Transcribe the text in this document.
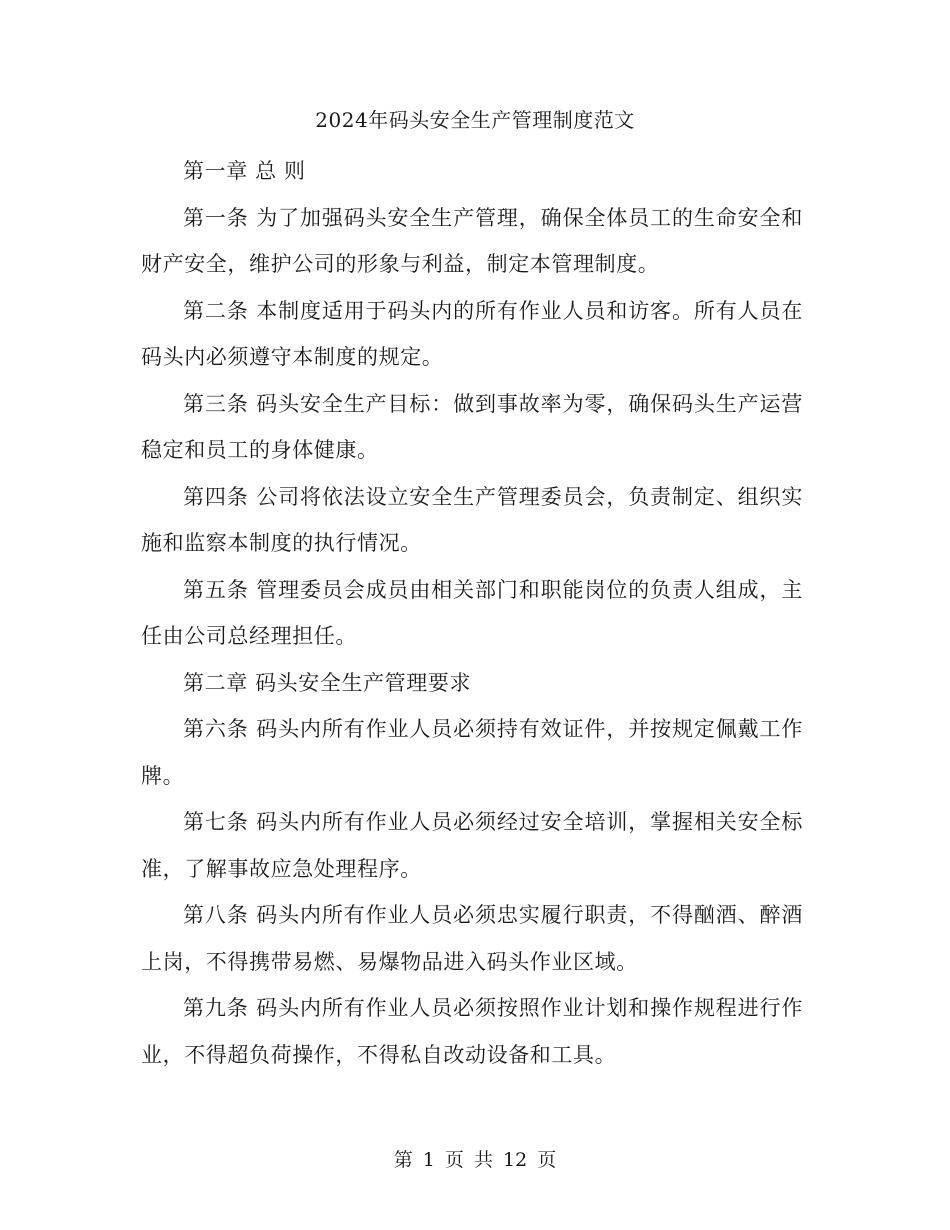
2024年码头安全生产管理制度范文

第一章 总 则

第一条 为了加强码头安全生产管理，确保全体员工的生命安全和财产安全，维护公司的形象与利益，制定本管理制度。

第二条 本制度适用于码头内的所有作业人员和访客。所有人员在码头内必须遵守本制度的规定。

第三条 码头安全生产目标：做到事故率为零，确保码头生产运营稳定和员工的身体健康。

第四条 公司将依法设立安全生产管理委员会，负责制定、组织实施和监察本制度的执行情况。

第五条 管理委员会成员由相关部门和职能岗位的负责人组成，主任由公司总经理担任。

第二章 码头安全生产管理要求

第六条 码头内所有作业人员必须持有效证件，并按规定佩戴工作牌。

第七条 码头内所有作业人员必须经过安全培训，掌握相关安全标准，了解事故应急处理程序。

第八条 码头内所有作业人员必须忠实履行职责，不得酗酒、醉酒上岗，不得携带易燃、易爆物品进入码头作业区域。

第九条 码头内所有作业人员必须按照作业计划和操作规程进行作业，不得超负荷操作，不得私自改动设备和工具。

第 1 页 共 12 页
